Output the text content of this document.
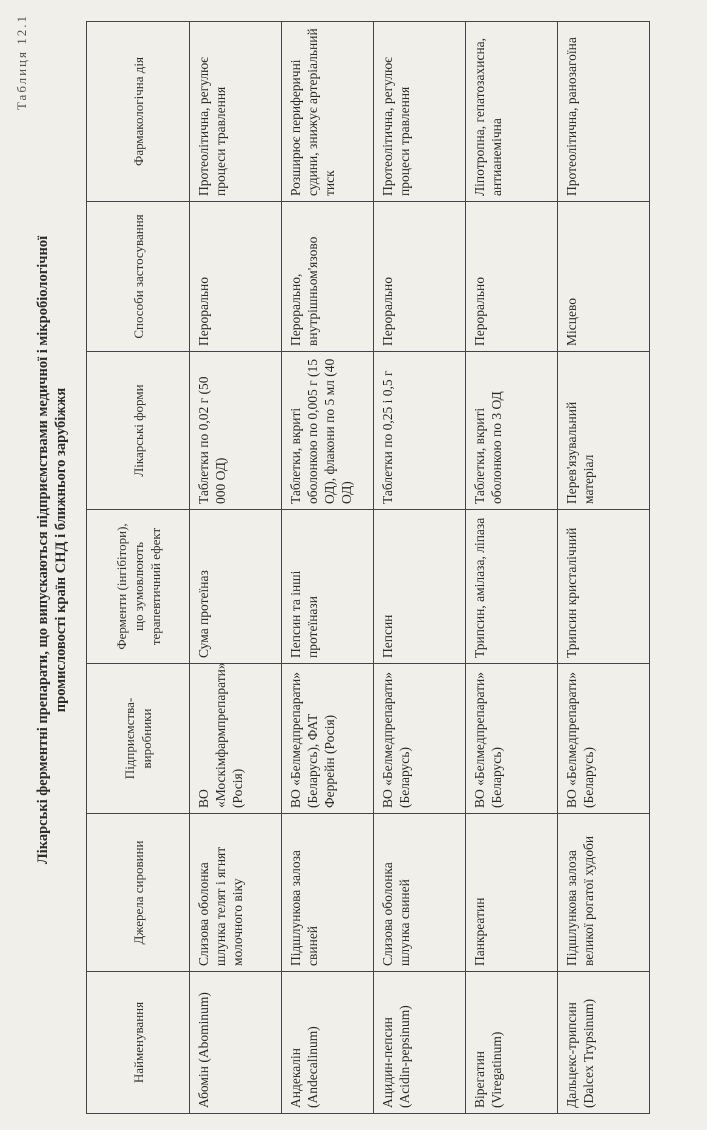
Таблиця 12.1
Лікарські ферментні препарати, що випускаються підприємствами медичної і мікробіологічної промисловості країн СНД і ближнього зарубіжжя
Найменування	Джерела сировини	Підприємства-виробники	Ферменти (інгібітори), що зумовлюють терапевтичний ефект	Лікарські форми	Способи застосування	Фармакологічна дія
Абомін (Abominum)	Слизова оболонка шлунка телят і ягнят молочного віку	ВО «Москімфармпрепарати» (Росія)	Сума протеїназ	Таблетки по 0,02 г (50 000 ОД)	Перорально	Протеолітична, регулює процеси травлення
Андекалін (Andecalinum)	Підшлункова залоза свиней	ВО «Белмедпрепарати» (Беларусь), ФАТ Феррейн (Росія)	Пепсин та інші протеїнази	Таблетки, вкриті оболонкою по 0,005 г (15 ОД), флакони по 5 мл (40 ОД)	Перорально, внутрішньом'язово	Розширює периферичні судини, знижує артеріальний тиск
Ацидин-пепсин (Acidin-pepsinum)	Слизова оболонка шлунка свиней	ВО «Белмедпрепарати» (Беларусь)	Пепсин	Таблетки по 0,25 і 0,5 г	Перорально	Протеолітична, регулює процеси травлення
Вірегатин (Viregatinum)	Панкреатин	ВО «Белмедпрепарати» (Беларусь)	Трипсин, амілаза, ліпаза	Таблетки, вкриті оболонкою по 3 ОД	Перорально	Ліпотропна, гепатозахисна, антианемічна
Дальцекс-трипсин (Dalcex Trypsinum)	Підшлункова залоза великої рогатої худоби	ВО «Белмедпрепарати» (Беларусь)	Трипсин кристалічний	Перев'язувальний матеріал	Місцево	Протеолітична, ранозагоїна
